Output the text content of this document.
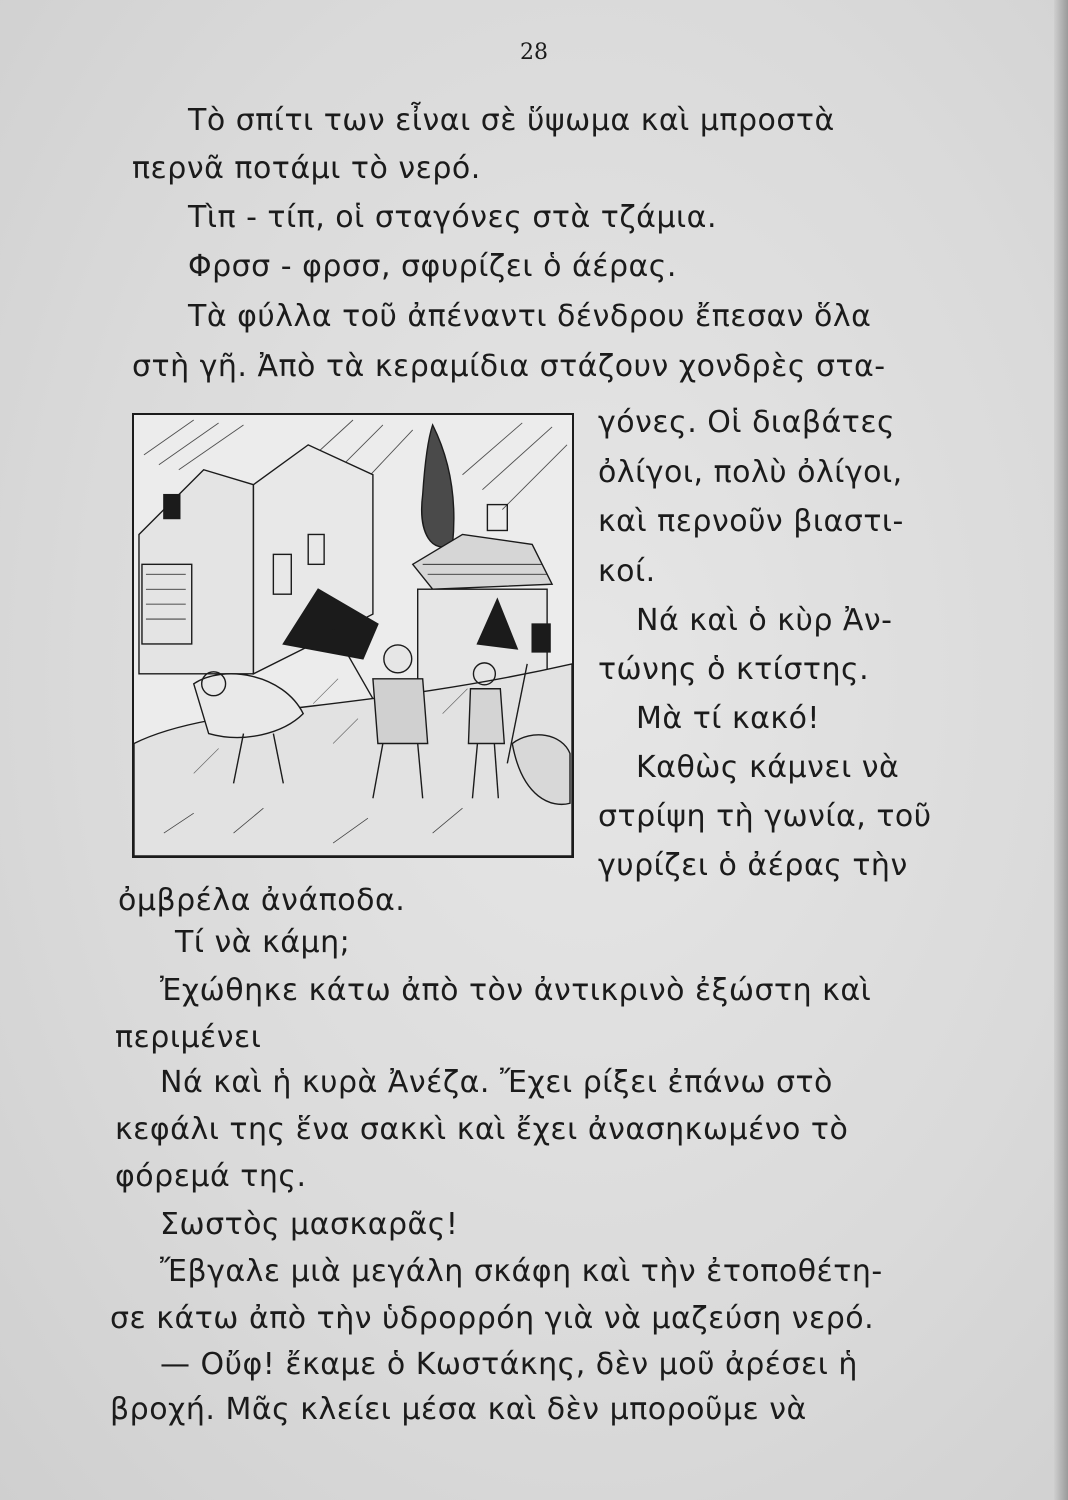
28
Τὸ σπίτι των εἶναι σὲ ὕψωμα καὶ μπροστὰ
περνᾶ ποτάμι τὸ νερό.
Τὶπ - τίπ, οἱ σταγόνες στὰ τζάμια.
Φρσσ - φρσσ, σφυρίζει ὁ άέρας.
Τὰ φύλλα τοῦ ἀπέναντι δένδρου ἔπεσαν ὅλα
στὴ γῆ. Ἀπὸ τὰ κεραμίδια στάζουν χονδρὲς στα-
γόνες. Οἱ διαβάτες
ὀλίγοι, πολὺ ὀλίγοι,
καὶ περνοῦν βιαστι-
κοί.
Νά καὶ ὁ κὺρ Ἀν-
τώνης ὁ κτίστης.
Μὰ τί κακό!
Καθὼς κάμνει νὰ
στρίψη τὴ γωνία, τοῦ
γυρίζει ὁ ἀέρας τὴν
ὀμβρέλα ἀνάποδα.
Τί νὰ κάμη;
Ἐχώθηκε κάτω ἀπὸ τὸν ἀντικρινὸ ἐξώστη καὶ
περιμένει
Νά καὶ ἡ κυρὰ Ἀνέζα. Ἔχει ρίξει ἐπάνω στὸ
κεφάλι της ἕνα σακκὶ καὶ ἔχει ἀνασηκωμένο τὸ
φόρεμά της.
Σωστὸς μασκαρᾶς!
Ἔβγαλε μιὰ μεγάλη σκάφη καὶ τὴν ἐτοποθέτη-
σε κάτω ἀπὸ τὴν ὑδρορρόη γιὰ νὰ μαζεύση νερό.
— Οὔφ! ἔκαμε ὁ Κωστάκης, δὲν μοῦ ἀρέσει ἡ
βροχή. Μᾶς κλείει μέσα καὶ δὲν μπορoῦμε νὰ
